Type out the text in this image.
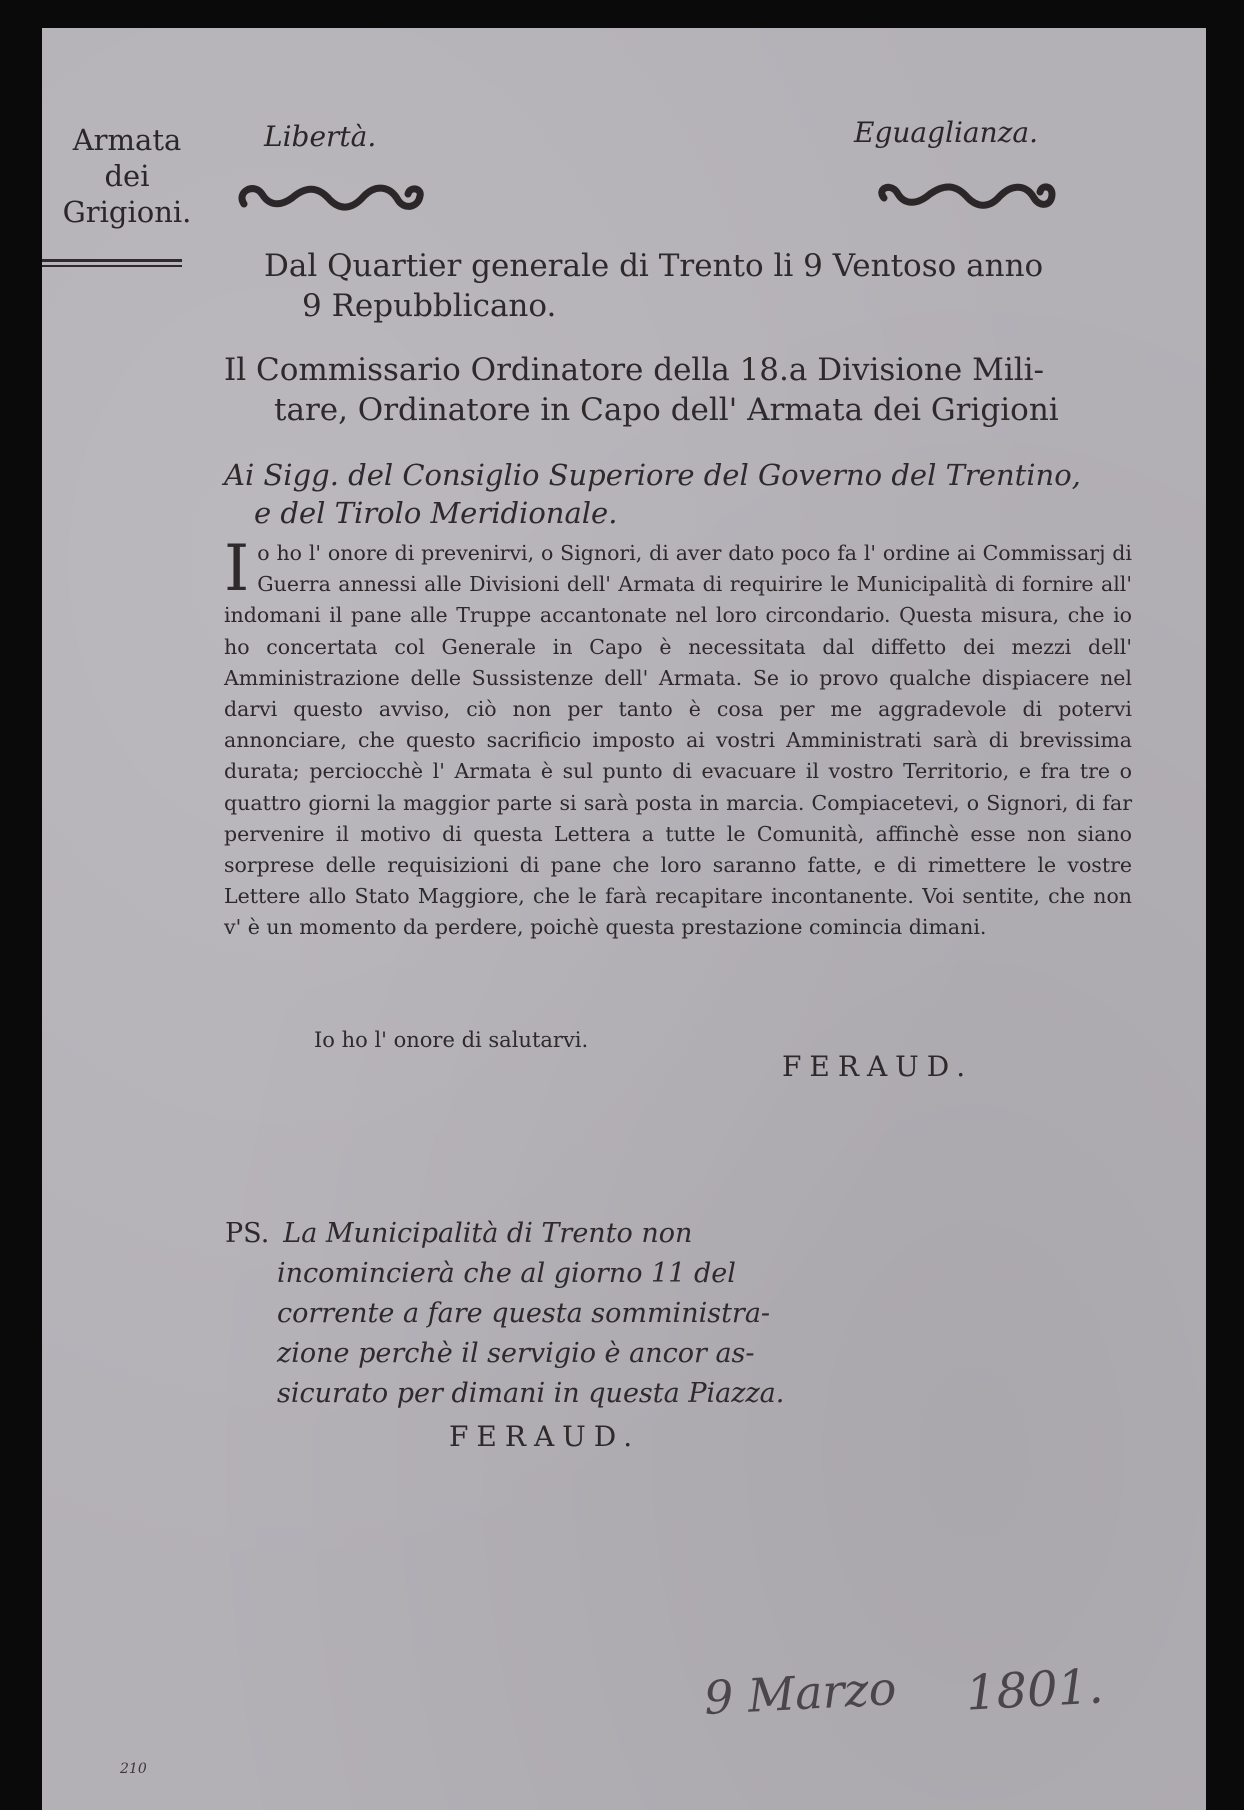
Armata
dei
Grigioni.
Libertà.	Eguaglianza.
Dal Quartier generale di Trento li 9 Ventoso anno
9 Repubblicano.
Il Commissario Ordinatore della 18.a Divisione Mili-
tare, Ordinatore in Capo dell' Armata dei Grigioni
Ai Sigg. del Consiglio Superiore del Governo del Trentino,
e del Tirolo Meridionale.
I o ho l' onore di prevenirvi, o Signori, di aver dato poco fa l' ordine ai Commissarj di Guerra annessi alle Divisioni dell' Armata di requirire le Municipalità di fornire all' indomani il pane alle Truppe accantonate nel loro circondario. Questa misura, che io ho concertata col Generale in Capo è necessitata dal diffetto dei mezzi dell' Amministrazione delle Sussistenze dell' Armata. Se io provo qualche dispiacere nel darvi questo avviso, ciò non per tanto è cosa per me aggradevole di potervi annonciare, che questo sacrificio imposto ai vostri Amministrati sarà di brevissima durata; perciocchè l' Armata è sul punto di evacuare il vostro Territorio, e fra tre o quattro giorni la maggior parte si sarà posta in marcia. Compiacetevi, o Signori, di far pervenire il motivo di questa Lettera a tutte le Comunità, affinchè esse non siano sorprese delle requisizioni di pane che loro saranno fatte, e di rimettere le vostre Lettere allo Stato Maggiore, che le farà recapitare incontanente. Voi sentite, che non v' è un momento da perdere, poichè questa prestazione comincia dimani.
Io ho l' onore di salutarvi.
FERAUD.
PS. La Municipalità di Trento non
incomincierà che al giorno 11 del
corrente a fare questa somministra-
zione perchè il servigio è ancor as-
sicurato per dimani in questa Piazza.
FERAUD.
210
9 Marzo 1801.
